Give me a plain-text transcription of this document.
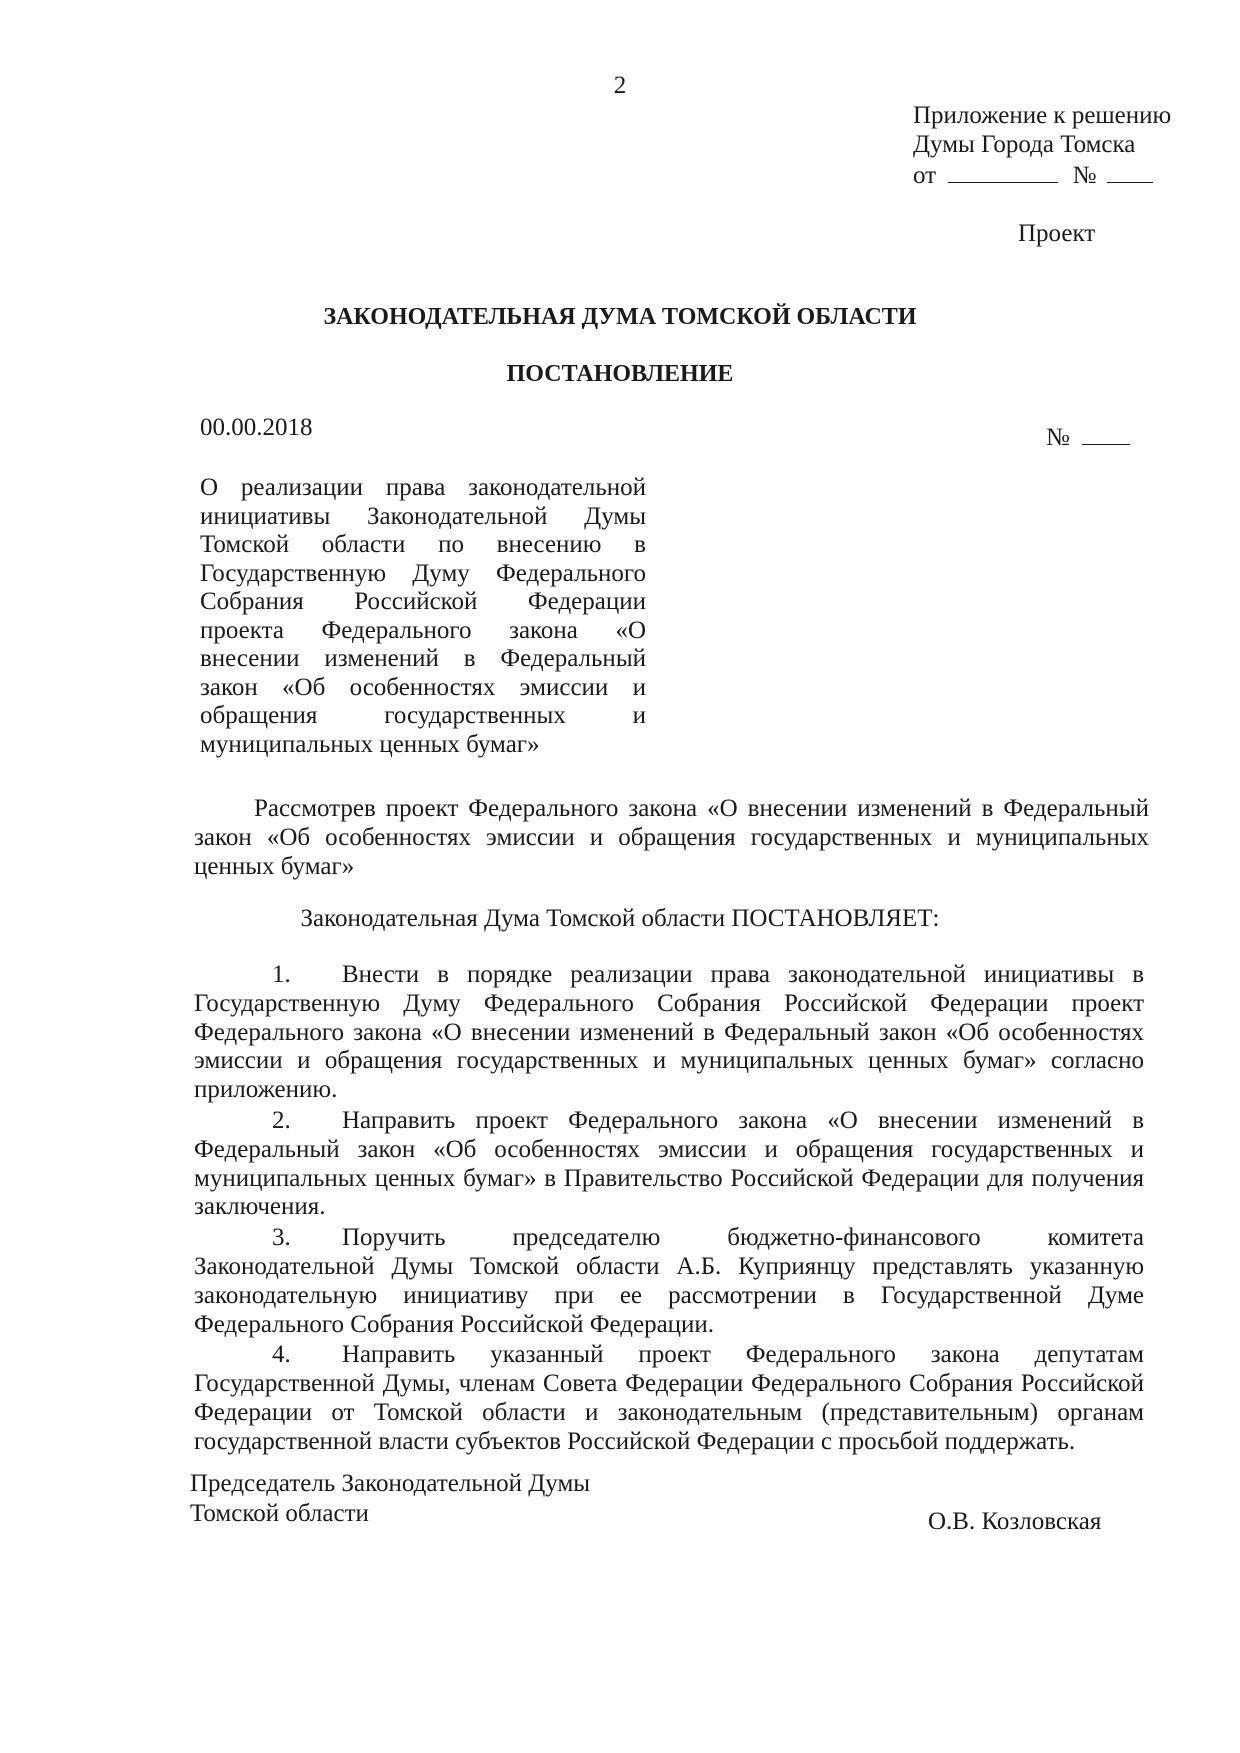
2
Приложение к решению
Думы Города Томска
от	№
Проект
ЗАКОНОДАТЕЛЬНАЯ ДУМА ТОМСКОЙ ОБЛАСТИ
ПОСТАНОВЛЕНИЕ
00.00.2018	№
О реализации права законодательной инициативы Законодательной Думы Томской области по внесению в Государственную Думу Федерального Собрания Российской Федерации проекта Федерального закона «О внесении изменений в Федеральный закон «Об особенностях эмиссии и обращения государственных и муниципальных ценных бумаг»
Рассмотрев проект Федерального закона «О внесении изменений в Федеральный закон «Об особенностях эмиссии и обращения государственных и муниципальных ценных бумаг»
Законодательная Дума Томской области ПОСТАНОВЛЯЕТ:

1. Внести в порядке реализации права законодательной инициативы в Государственную Думу Федерального Собрания Российской Федерации проект Федерального закона «О внесении изменений в Федеральный закон «Об особенностях эмиссии и обращения государственных и муниципальных ценных бумаг» согласно приложению.

2. Направить проект Федерального закона «О внесении изменений в Федеральный закон «Об особенностях эмиссии и обращения государственных и муниципальных ценных бумаг» в Правительство Российской Федерации для получения заключения.

3. Поручить председателю бюджетно-финансового комитета Законодательной Думы Томской области А.Б. Куприянцу представлять указанную законодательную инициативу при ее рассмотрении в Государственной Думе Федерального Собрания Российской Федерации.

4. Направить указанный проект Федерального закона депутатам Государственной Думы, членам Совета Федерации Федерального Собрания Российской Федерации от Томской области и законодательным (представительным) органам государственной власти субъектов Российской Федерации с просьбой поддержать.

Председатель Законодательной Думы
Томской области	О.В. Козловская
